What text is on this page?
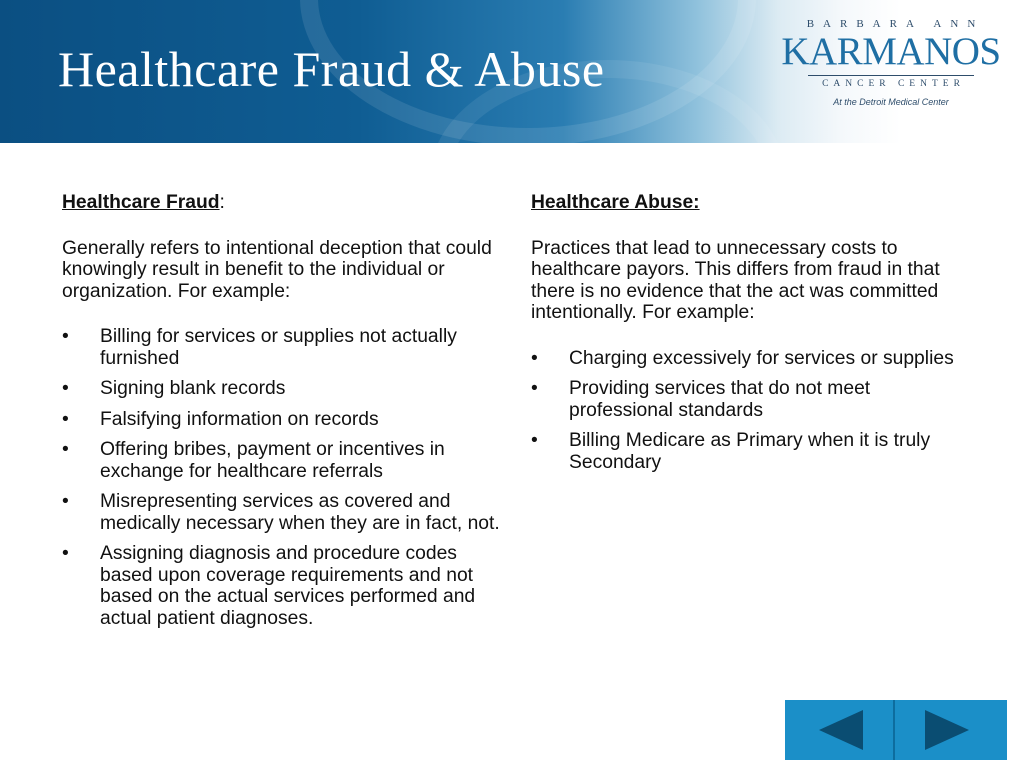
Healthcare Fraud & Abuse
BARBARA ANN
KARMANOS
CANCER CENTER
At the Detroit Medical Center

Healthcare Fraud:

Generally refers to intentional deception that could knowingly result in benefit to the individual or organization. For example:

• Billing for services or supplies not actually furnished
• Signing blank records
• Falsifying information on records
• Offering bribes, payment or incentives in exchange for healthcare referrals
• Misrepresenting services as covered and medically necessary when they are in fact, not.
• Assigning diagnosis and procedure codes based upon coverage requirements and not based on the actual services performed and actual patient diagnoses.

Healthcare Abuse:

Practices that lead to unnecessary costs to healthcare payors. This differs from fraud in that there is no evidence that the act was committed intentionally. For example:

• Charging excessively for services or supplies
• Providing services that do not meet professional standards
• Billing Medicare as Primary when it is truly Secondary
